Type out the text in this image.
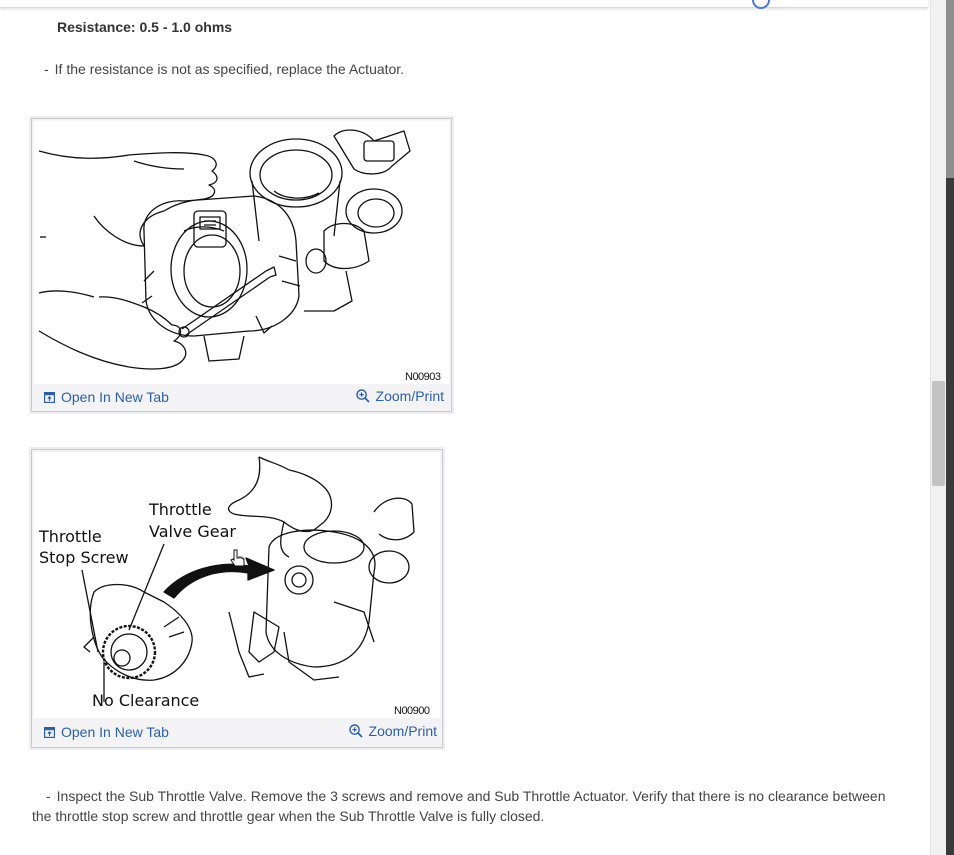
Resistance: 0.5 - 1.0 ohms
- If the resistance is not as specified, replace the Actuator.
N00903
Open In New Tab	Zoom/Print
Throttle
Valve Gear
Throttle
Stop Screw
No Clearance
N00900
Open In New Tab	Zoom/Print
- Inspect the Sub Throttle Valve. Remove the 3 screws and remove and Sub Throttle Actuator. Verify that there is no clearance between the throttle stop screw and throttle gear when the Sub Throttle Valve is fully closed.
